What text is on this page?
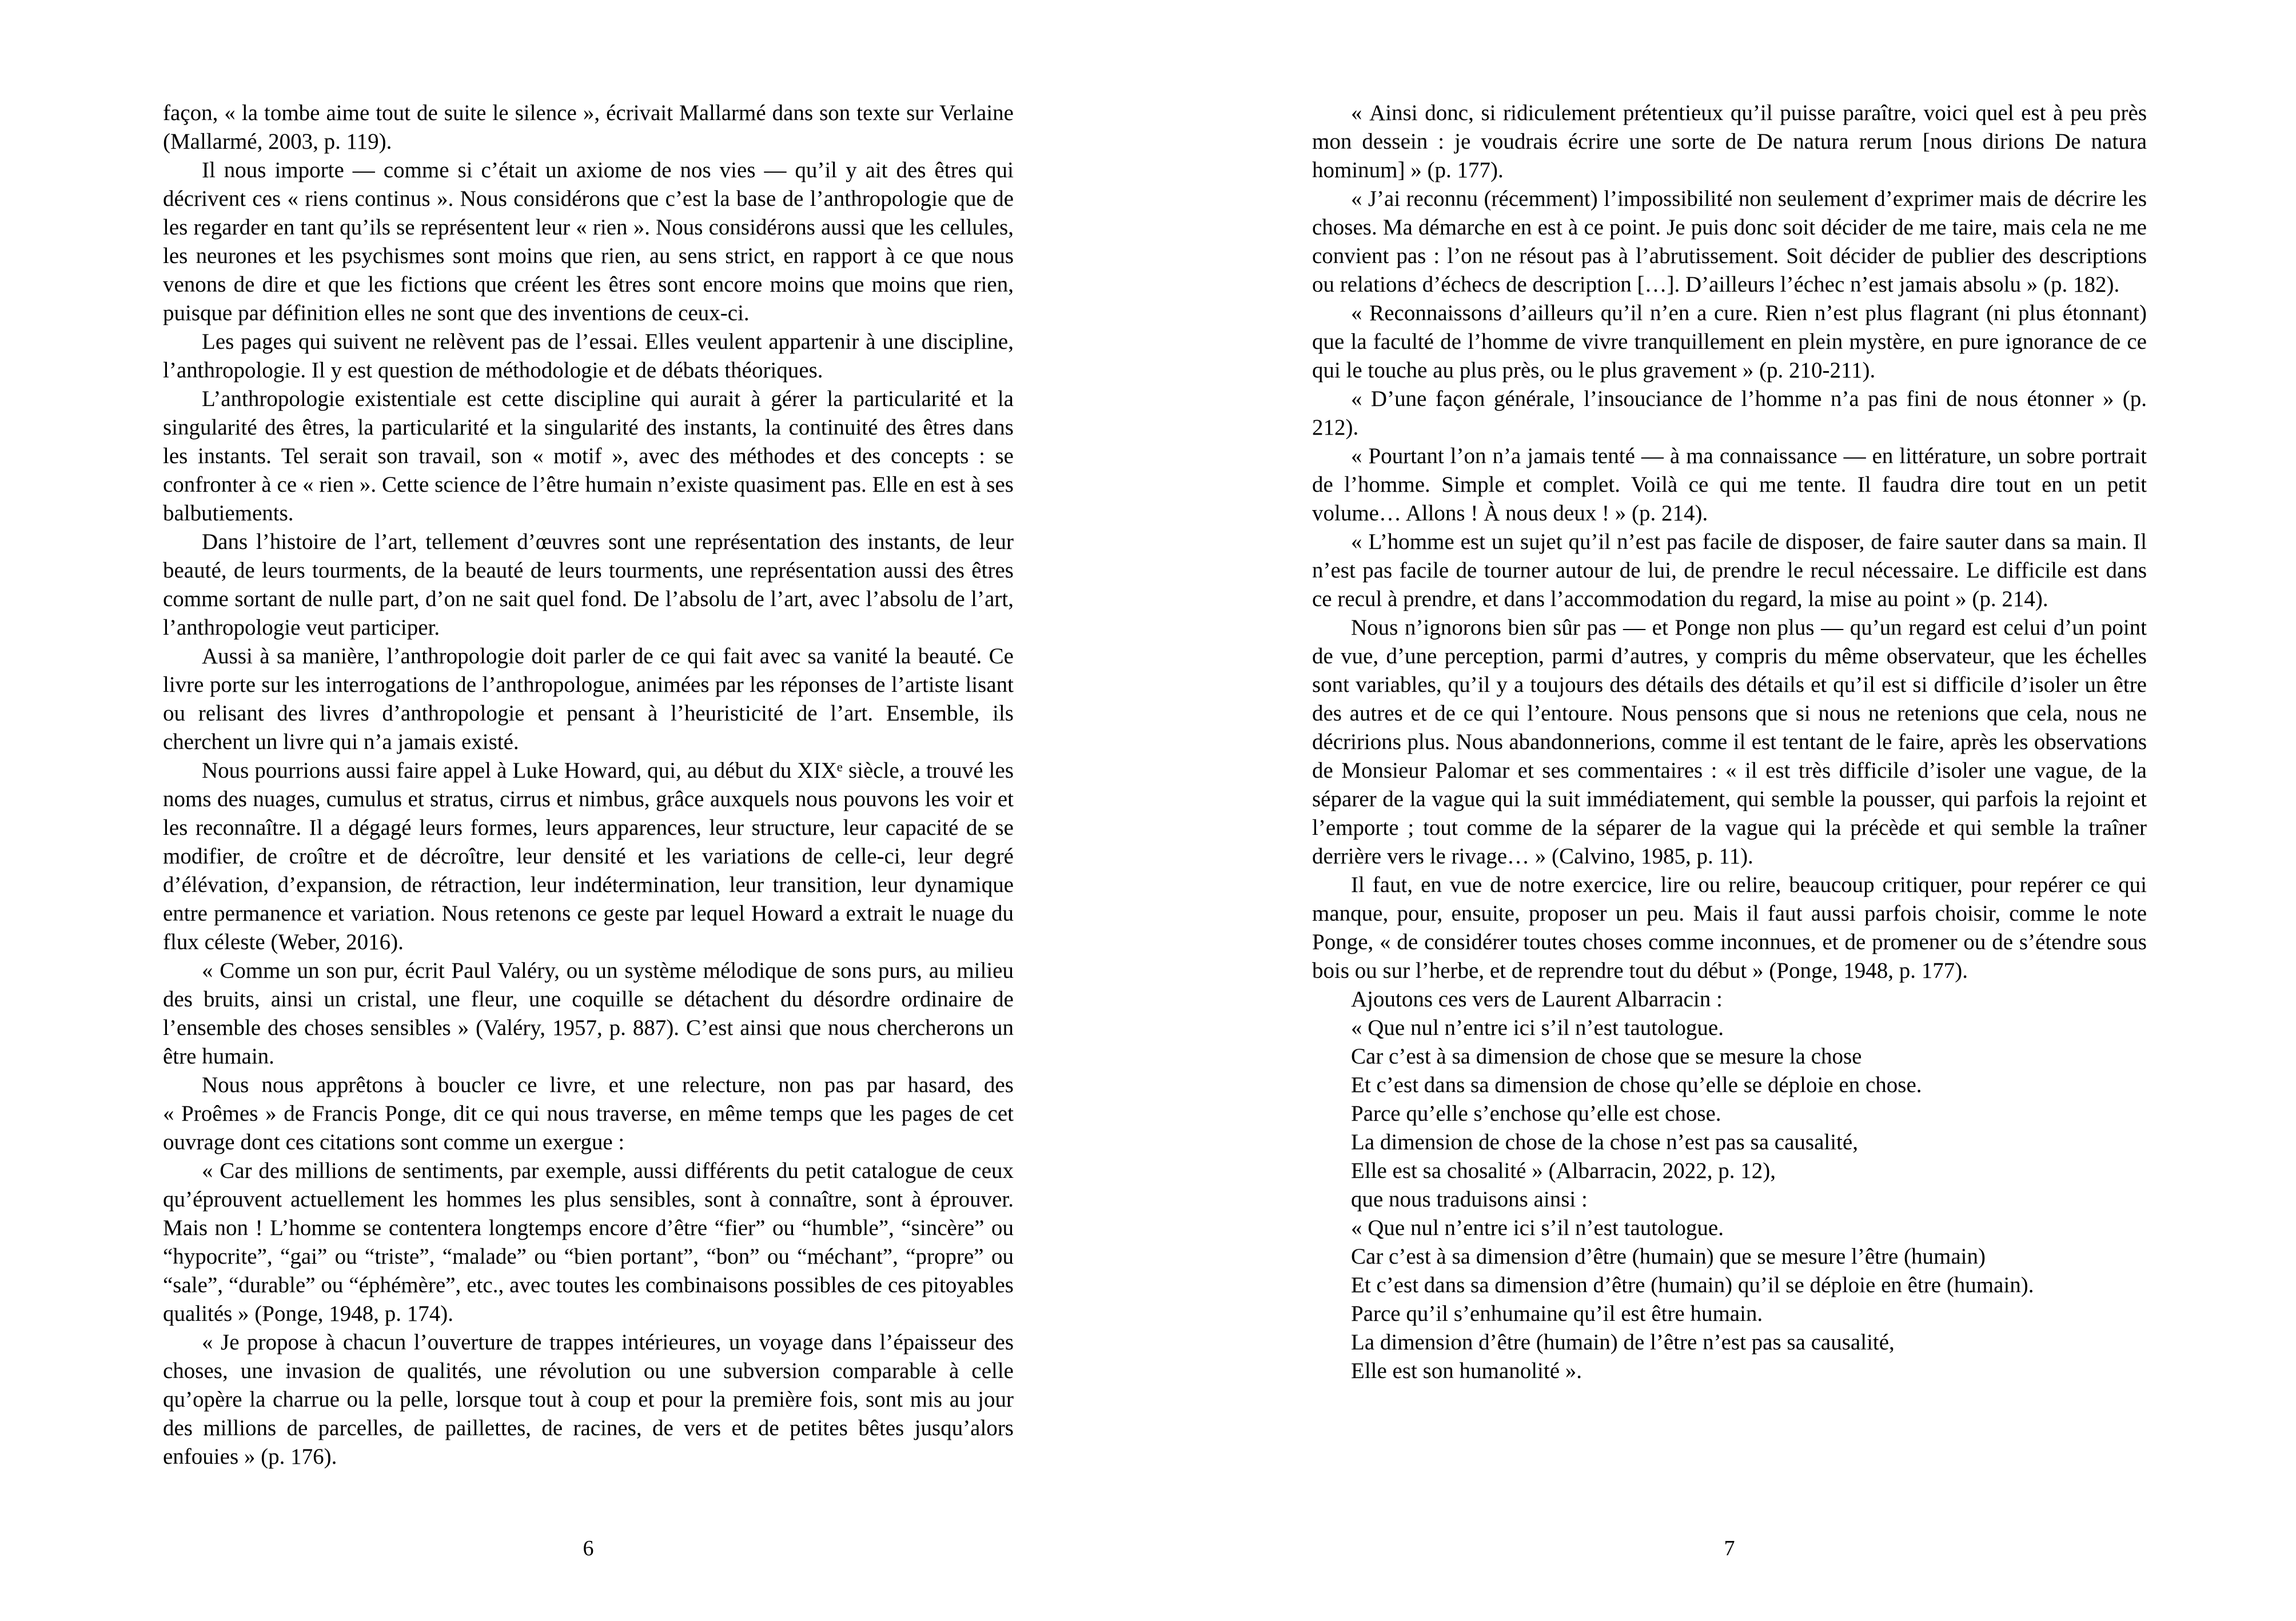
façon, « la tombe aime tout de suite le silence », écrivait Mallarmé dans son texte sur Verlaine (Mallarmé, 2003, p. 119).

Il nous importe — comme si c’était un axiome de nos vies — qu’il y ait des êtres qui décrivent ces « riens continus ». Nous considérons que c’est la base de l’anthropologie que de les regarder en tant qu’ils se représentent leur « rien ». Nous considérons aussi que les cellules, les neurones et les psychismes sont moins que rien, au sens strict, en rapport à ce que nous venons de dire et que les fictions que créent les êtres sont encore moins que moins que rien, puisque par définition elles ne sont que des inventions de ceux-ci.

Les pages qui suivent ne relèvent pas de l’essai. Elles veulent appartenir à une discipline, l’anthropologie. Il y est question de méthodologie et de débats théoriques.

L’anthropologie existentiale est cette discipline qui aurait à gérer la particularité et la singularité des êtres, la particularité et la singularité des instants, la continuité des êtres dans les instants. Tel serait son travail, son « motif », avec des méthodes et des concepts : se confronter à ce « rien ». Cette science de l’être humain n’existe quasiment pas. Elle en est à ses balbutiements.

Dans l’histoire de l’art, tellement d’œuvres sont une représentation des instants, de leur beauté, de leurs tourments, de la beauté de leurs tourments, une représentation aussi des êtres comme sortant de nulle part, d’on ne sait quel fond. De l’absolu de l’art, avec l’absolu de l’art, l’anthropologie veut participer.

Aussi à sa manière, l’anthropologie doit parler de ce qui fait avec sa vanité la beauté. Ce livre porte sur les interrogations de l’anthropologue, animées par les réponses de l’artiste lisant ou relisant des livres d’anthropologie et pensant à l’heuristicité de l’art. Ensemble, ils cherchent un livre qui n’a jamais existé.

Nous pourrions aussi faire appel à Luke Howard, qui, au début du XIXᵉ siècle, a trouvé les noms des nuages, cumulus et stratus, cirrus et nimbus, grâce auxquels nous pouvons les voir et les reconnaître. Il a dégagé leurs formes, leurs apparences, leur structure, leur capacité de se modifier, de croître et de décroître, leur densité et les variations de celle-ci, leur degré d’élévation, d’expansion, de rétraction, leur indétermination, leur transition, leur dynamique entre permanence et variation. Nous retenons ce geste par lequel Howard a extrait le nuage du flux céleste (Weber, 2016).

« Comme un son pur, écrit Paul Valéry, ou un système mélodique de sons purs, au milieu des bruits, ainsi un cristal, une fleur, une coquille se détachent du désordre ordinaire de l’ensemble des choses sensibles » (Valéry, 1957, p. 887). C’est ainsi que nous chercherons un être humain.

Nous nous apprêtons à boucler ce livre, et une relecture, non pas par hasard, des « Proêmes » de Francis Ponge, dit ce qui nous traverse, en même temps que les pages de cet ouvrage dont ces citations sont comme un exergue :

« Car des millions de sentiments, par exemple, aussi différents du petit catalogue de ceux qu’éprouvent actuellement les hommes les plus sensibles, sont à connaître, sont à éprouver. Mais non ! L’homme se contentera longtemps encore d’être “fier” ou “humble”, “sincère” ou “hypocrite”, “gai” ou “triste”, “malade” ou “bien portant”, “bon” ou “méchant”, “propre” ou “sale”, “durable” ou “éphémère”, etc., avec toutes les combinaisons possibles de ces pitoyables qualités » (Ponge, 1948, p. 174).

« Je propose à chacun l’ouverture de trappes intérieures, un voyage dans l’épaisseur des choses, une invasion de qualités, une révolution ou une subversion comparable à celle qu’opère la charrue ou la pelle, lorsque tout à coup et pour la première fois, sont mis au jour des millions de parcelles, de paillettes, de racines, de vers et de petites bêtes jusqu’alors enfouies » (p. 176).

6

« Ainsi donc, si ridiculement prétentieux qu’il puisse paraître, voici quel est à peu près mon dessein : je voudrais écrire une sorte de De natura rerum [nous dirions De natura hominum] » (p. 177).

« J’ai reconnu (récemment) l’impossibilité non seulement d’exprimer mais de décrire les choses. Ma démarche en est à ce point. Je puis donc soit décider de me taire, mais cela ne me convient pas : l’on ne résout pas à l’abrutissement. Soit décider de publier des descriptions ou relations d’échecs de description […]. D’ailleurs l’échec n’est jamais absolu » (p. 182).

« Reconnaissons d’ailleurs qu’il n’en a cure. Rien n’est plus flagrant (ni plus étonnant) que la faculté de l’homme de vivre tranquillement en plein mystère, en pure ignorance de ce qui le touche au plus près, ou le plus gravement » (p. 210-211).

« D’une façon générale, l’insouciance de l’homme n’a pas fini de nous étonner » (p. 212).

« Pourtant l’on n’a jamais tenté — à ma connaissance — en littérature, un sobre portrait de l’homme. Simple et complet. Voilà ce qui me tente. Il faudra dire tout en un petit volume… Allons ! À nous deux ! » (p. 214).

« L’homme est un sujet qu’il n’est pas facile de disposer, de faire sauter dans sa main. Il n’est pas facile de tourner autour de lui, de prendre le recul nécessaire. Le difficile est dans ce recul à prendre, et dans l’accommodation du regard, la mise au point » (p. 214).

Nous n’ignorons bien sûr pas — et Ponge non plus — qu’un regard est celui d’un point de vue, d’une perception, parmi d’autres, y compris du même observateur, que les échelles sont variables, qu’il y a toujours des détails des détails et qu’il est si difficile d’isoler un être des autres et de ce qui l’entoure. Nous pensons que si nous ne retenions que cela, nous ne décririons plus. Nous abandonnerions, comme il est tentant de le faire, après les observations de Monsieur Palomar et ses commentaires : « il est très difficile d’isoler une vague, de la séparer de la vague qui la suit immédiatement, qui semble la pousser, qui parfois la rejoint et l’emporte ; tout comme de la séparer de la vague qui la précède et qui semble la traîner derrière vers le rivage… » (Calvino, 1985, p. 11).

Il faut, en vue de notre exercice, lire ou relire, beaucoup critiquer, pour repérer ce qui manque, pour, ensuite, proposer un peu. Mais il faut aussi parfois choisir, comme le note Ponge, « de considérer toutes choses comme inconnues, et de promener ou de s’étendre sous bois ou sur l’herbe, et de reprendre tout du début » (Ponge, 1948, p. 177).

Ajoutons ces vers de Laurent Albarracin :

« Que nul n’entre ici s’il n’est tautologue.

Car c’est à sa dimension de chose que se mesure la chose

Et c’est dans sa dimension de chose qu’elle se déploie en chose.

Parce qu’elle s’enchose qu’elle est chose.

La dimension de chose de la chose n’est pas sa causalité,

Elle est sa chosalité » (Albarracin, 2022, p. 12),

que nous traduisons ainsi :

« Que nul n’entre ici s’il n’est tautologue.

Car c’est à sa dimension d’être (humain) que se mesure l’être (humain)

Et c’est dans sa dimension d’être (humain) qu’il se déploie en être (humain).

Parce qu’il s’enhumaine qu’il est être humain.

La dimension d’être (humain) de l’être n’est pas sa causalité,

Elle est son humanolité ».

7
